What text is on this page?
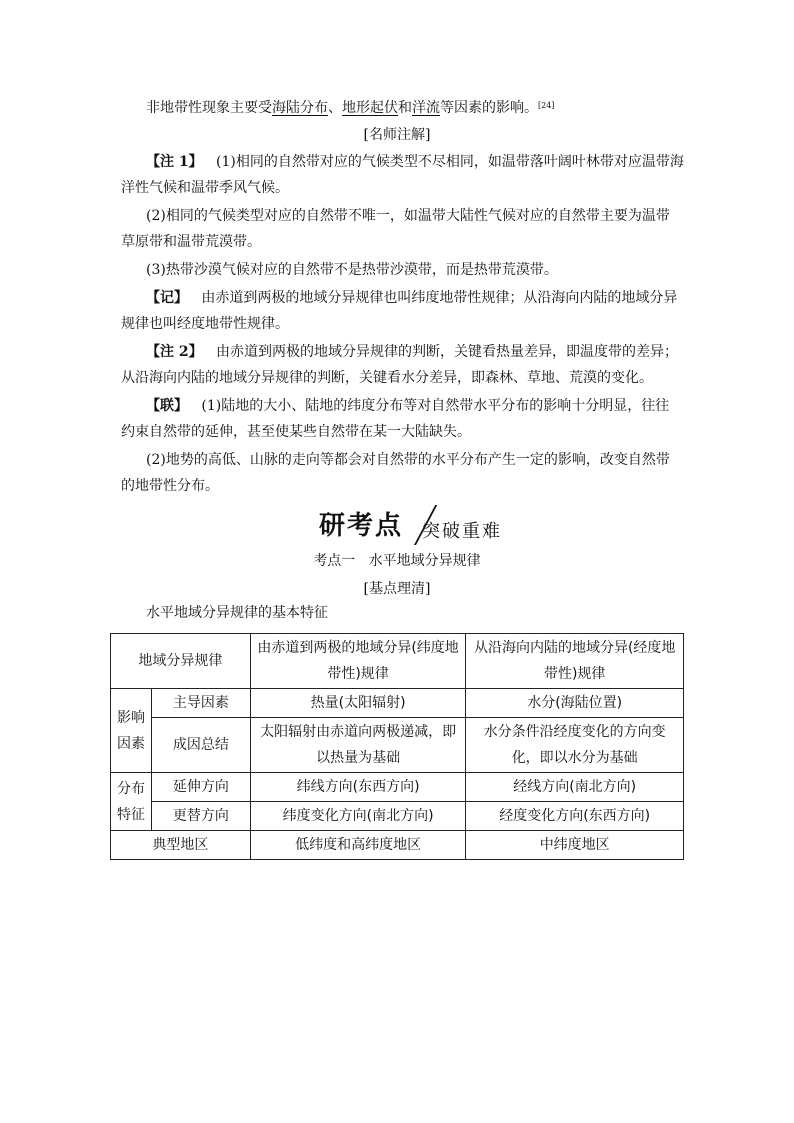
非地带性现象主要受海陆分布、地形起伏和洋流等因素的影响。[24]
[名师注解]
【注 1】 (1)相同的自然带对应的气候类型不尽相同，如温带落叶阔叶林带对应温带海
洋性气候和温带季风气候。
(2)相同的气候类型对应的自然带不唯一，如温带大陆性气候对应的自然带主要为温带
草原带和温带荒漠带。
(3)热带沙漠气候对应的自然带不是热带沙漠带，而是热带荒漠带。
【记】 由赤道到两极的地域分异规律也叫纬度地带性规律；从沿海向内陆的地域分异
规律也叫经度地带性规律。
【注 2】 由赤道到两极的地域分异规律的判断，关键看热量差异，即温度带的差异；
从沿海向内陆的地域分异规律的判断，关键看水分差异，即森林、草地、荒漠的变化。
【联】 (1)陆地的大小、陆地的纬度分布等对自然带水平分布的影响十分明显，往往
约束自然带的延伸，甚至使某些自然带在某一大陆缺失。
(2)地势的高低、山脉的走向等都会对自然带的水平分布产生一定的影响，改变自然带
的地带性分布。
研考点 突破重难
考点一   水平地域分异规律
[基点理清]
水平地域分异规律的基本特征
地域分异规律		由赤道到两极的地域分异(纬度地带性)规律	从沿海向内陆的地域分异(经度地带性)规律
影响因素	主导因素	热量(太阳辐射)	水分(海陆位置)
	成因总结	太阳辐射由赤道向两极递减，即以热量为基础	水分条件沿经度变化的方向变化，即以水分为基础
分布特征	延伸方向	纬线方向(东西方向)	经线方向(南北方向)
	更替方向	纬度变化方向(南北方向)	经度变化方向(东西方向)
典型地区		低纬度和高纬度地区	中纬度地区
